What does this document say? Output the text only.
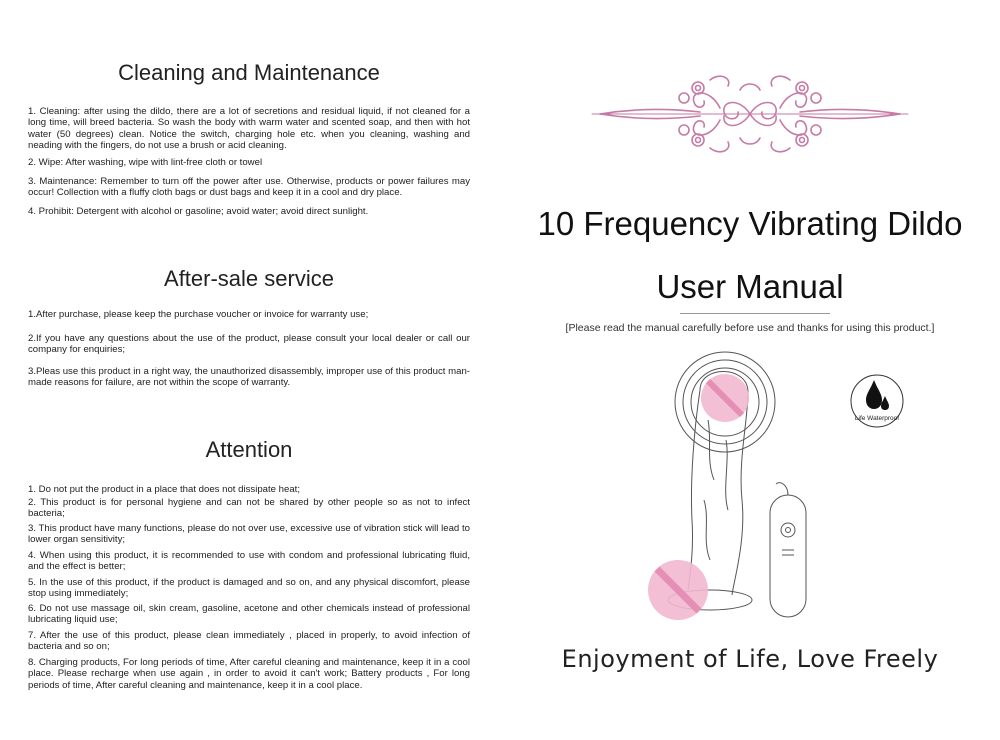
Cleaning and Maintenance
1. Cleaning: after using the dildo, there are a lot of secretions and residual liquid, if not cleaned for a long time, will breed bacteria. So wash the body with warm water and scented soap, and then with hot water (50 degrees) clean. Notice the switch, charging hole etc. when you cleaning, washing and neading with the fingers, do not use a brush or acid cleaning.
2. Wipe: After washing, wipe with lint-free cloth or towel
3. Maintenance: Remember to turn off the power after use. Otherwise, products or power failures may occur! Collection with a fluffy cloth bags or dust bags and keep it in a cool and dry place.
4. Prohibit: Detergent with alcohol or gasoline; avoid water; avoid direct sunlight.
After-sale service
1.After purchase, please keep the purchase voucher or invoice for warranty use;
2.If you have any questions about the use of the product, please consult your local dealer or call our company for enquiries;
3.Pleas use this product in a right way, the unauthorized disassembly, improper use of this product man-made reasons for failure, are not within the scope of warranty.
Attention
1. Do not put the product in a place that does not dissipate heat;
2. This product is for personal hygiene and can not be shared by other people so as not to infect bacteria;
3. This product have many functions, please do not over use, excessive use of vibration stick will lead to lower organ sensitivity;
4. When using this product, it is recommended to use with condom and professional lubricating fluid, and the effect is better;
5. In the use of this product, if the product is damaged and so on, and any physical discomfort, please stop using immediately;
6. Do not use massage oil, skin cream, gasoline, acetone and other chemicals instead of professional lubricating liquid use;
7. After the use of this product, please clean immediately , placed in properly, to avoid infection of bacteria and so on;
8. Charging products, For long periods of time, After careful cleaning and maintenance, keep it in a cool place. Please recharge when use again , in order to avoid it can't work; Battery products , For long periods of time, After careful cleaning and maintenance, keep it in a cool place.
10 Frequency Vibrating Dildo
User Manual
[Please read the manual carefully before use and thanks for using this product.]
Life Waterproof
Enjoyment of Life, Love Freely
